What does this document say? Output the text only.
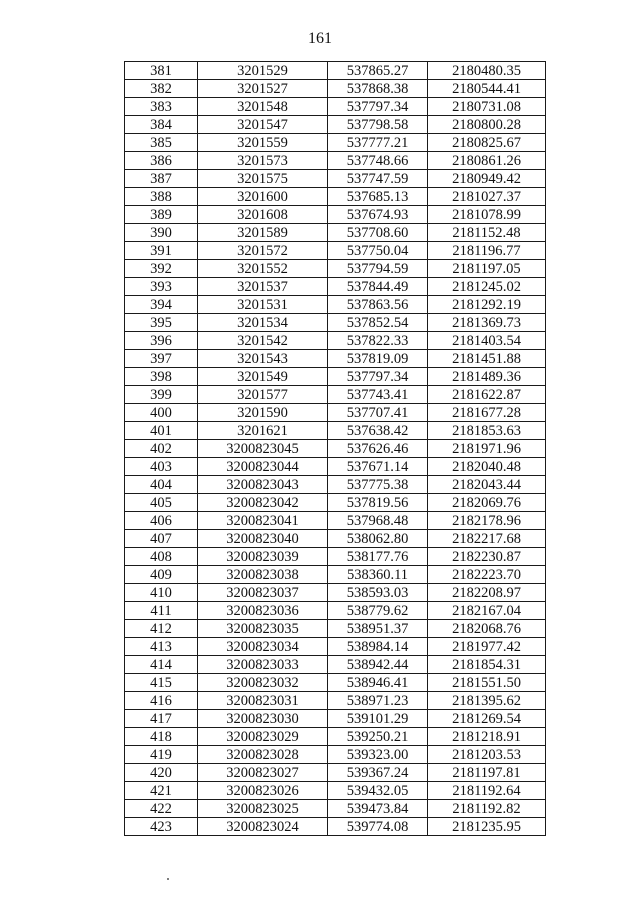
161
381	3201529	537865.27	2180480.35
382	3201527	537868.38	2180544.41
383	3201548	537797.34	2180731.08
384	3201547	537798.58	2180800.28
385	3201559	537777.21	2180825.67
386	3201573	537748.66	2180861.26
387	3201575	537747.59	2180949.42
388	3201600	537685.13	2181027.37
389	3201608	537674.93	2181078.99
390	3201589	537708.60	2181152.48
391	3201572	537750.04	2181196.77
392	3201552	537794.59	2181197.05
393	3201537	537844.49	2181245.02
394	3201531	537863.56	2181292.19
395	3201534	537852.54	2181369.73
396	3201542	537822.33	2181403.54
397	3201543	537819.09	2181451.88
398	3201549	537797.34	2181489.36
399	3201577	537743.41	2181622.87
400	3201590	537707.41	2181677.28
401	3201621	537638.42	2181853.63
402	3200823045	537626.46	2181971.96
403	3200823044	537671.14	2182040.48
404	3200823043	537775.38	2182043.44
405	3200823042	537819.56	2182069.76
406	3200823041	537968.48	2182178.96
407	3200823040	538062.80	2182217.68
408	3200823039	538177.76	2182230.87
409	3200823038	538360.11	2182223.70
410	3200823037	538593.03	2182208.97
411	3200823036	538779.62	2182167.04
412	3200823035	538951.37	2182068.76
413	3200823034	538984.14	2181977.42
414	3200823033	538942.44	2181854.31
415	3200823032	538946.41	2181551.50
416	3200823031	538971.23	2181395.62
417	3200823030	539101.29	2181269.54
418	3200823029	539250.21	2181218.91
419	3200823028	539323.00	2181203.53
420	3200823027	539367.24	2181197.81
421	3200823026	539432.05	2181192.64
422	3200823025	539473.84	2181192.82
423	3200823024	539774.08	2181235.95
